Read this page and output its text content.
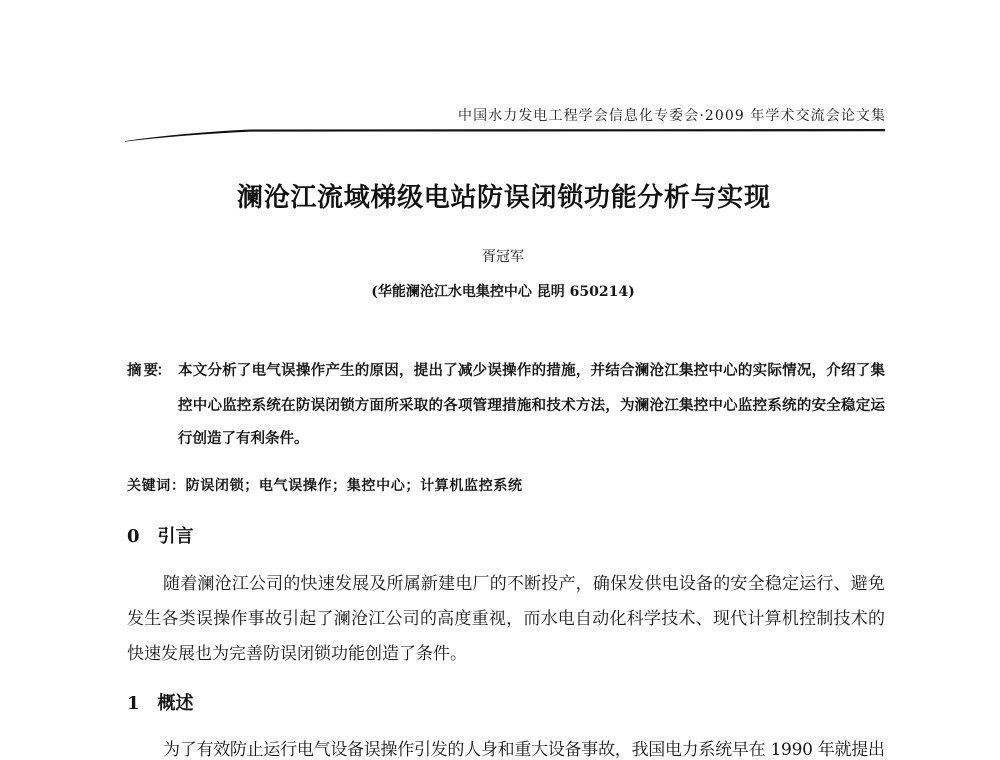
中国水力发电工程学会信息化专委会·2009 年学术交流会论文集
澜沧江流域梯级电站防误闭锁功能分析与实现
胥冠军
(华能澜沧江水电集控中心 昆明 650214)
摘 要： 本文分析了电气误操作产生的原因，提出了减少误操作的措施，并结合澜沧江集控中心的实际情况，介绍了集
控中心监控系统在防误闭锁方面所采取的各项管理措施和技术方法，为澜沧江集控中心监控系统的安全稳定运
行创造了有利条件。
关键词：防误闭锁；电气误操作；集控中心；计算机监控系统
0 引言
随着澜沧江公司的快速发展及所属新建电厂的不断投产，确保发供电设备的安全稳定运行、避免
发生各类误操作事故引起了澜沧江公司的高度重视，而水电自动化科学技术、现代计算机控制技术的
快速发展也为完善防误闭锁功能创造了条件。
1 概述
为了有效防止运行电气设备误操作引发的人身和重大设备事故，我国电力系统早在 1990 年就提出
